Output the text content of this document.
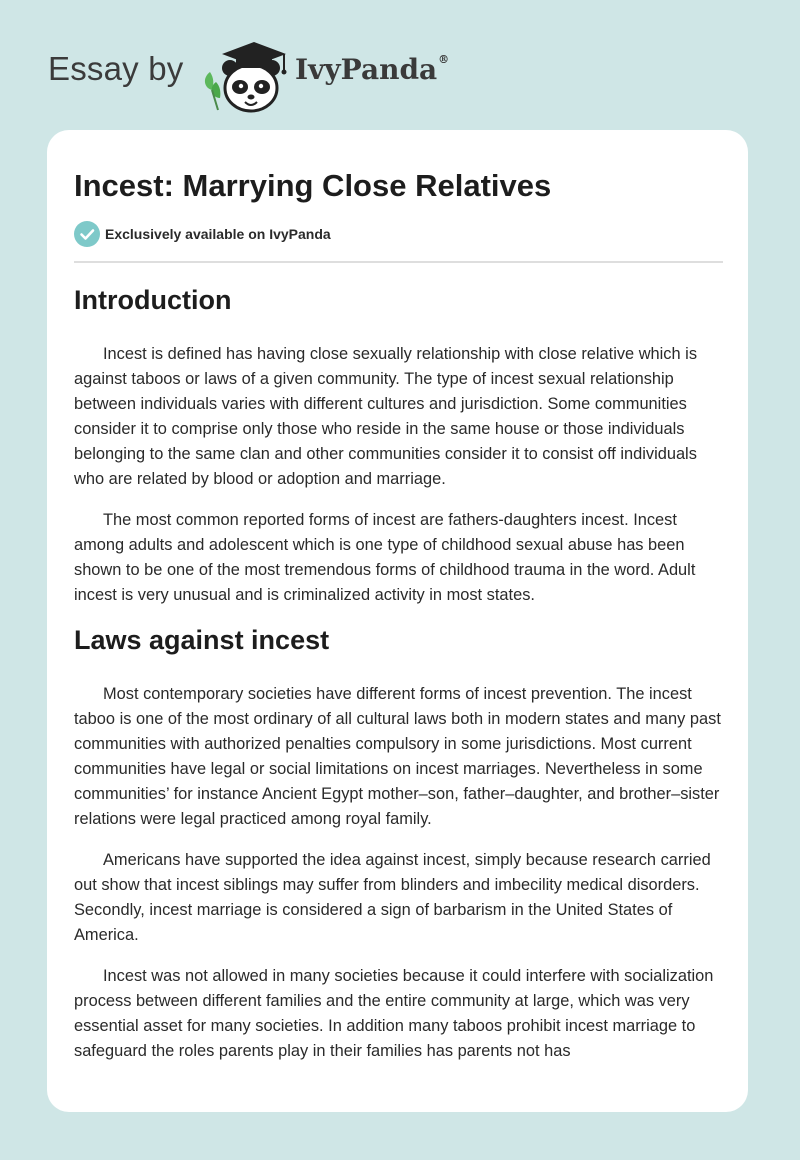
Essay by	IvyPanda®
Incest: Marrying Close Relatives
Exclusively available on IvyPanda
Introduction

Incest is defined has having close sexually relationship with close relative which is against taboos or laws of a given community. The type of incest sexual relationship between individuals varies with different cultures and jurisdiction. Some communities consider it to comprise only those who reside in the same house or those individuals belonging to the same clan and other communities consider it to consist off individuals who are related by blood or adoption and marriage.

The most common reported forms of incest are fathers-daughters incest. Incest among adults and adolescent which is one type of childhood sexual abuse has been shown to be one of the most tremendous forms of childhood trauma in the word. Adult incest is very unusual and is criminalized activity in most states.

Laws against incest

Most contemporary societies have different forms of incest prevention. The incest taboo is one of the most ordinary of all cultural laws both in modern states and many past communities with authorized penalties compulsory in some jurisdictions. Most current communities have legal or social limitations on incest marriages. Nevertheless in some communities’ for instance Ancient Egypt mother–son, father–daughter, and brother–sister relations were legal practiced among royal family.

Americans have supported the idea against incest, simply because research carried out show that incest siblings may suffer from blinders and imbecility medical disorders. Secondly, incest marriage is considered a sign of barbarism in the United States of America.

Incest was not allowed in many societies because it could interfere with socialization process between different families and the entire community at large, which was very essential asset for many societies. In addition many taboos prohibit incest marriage to safeguard the roles parents play in their families has parents not has
